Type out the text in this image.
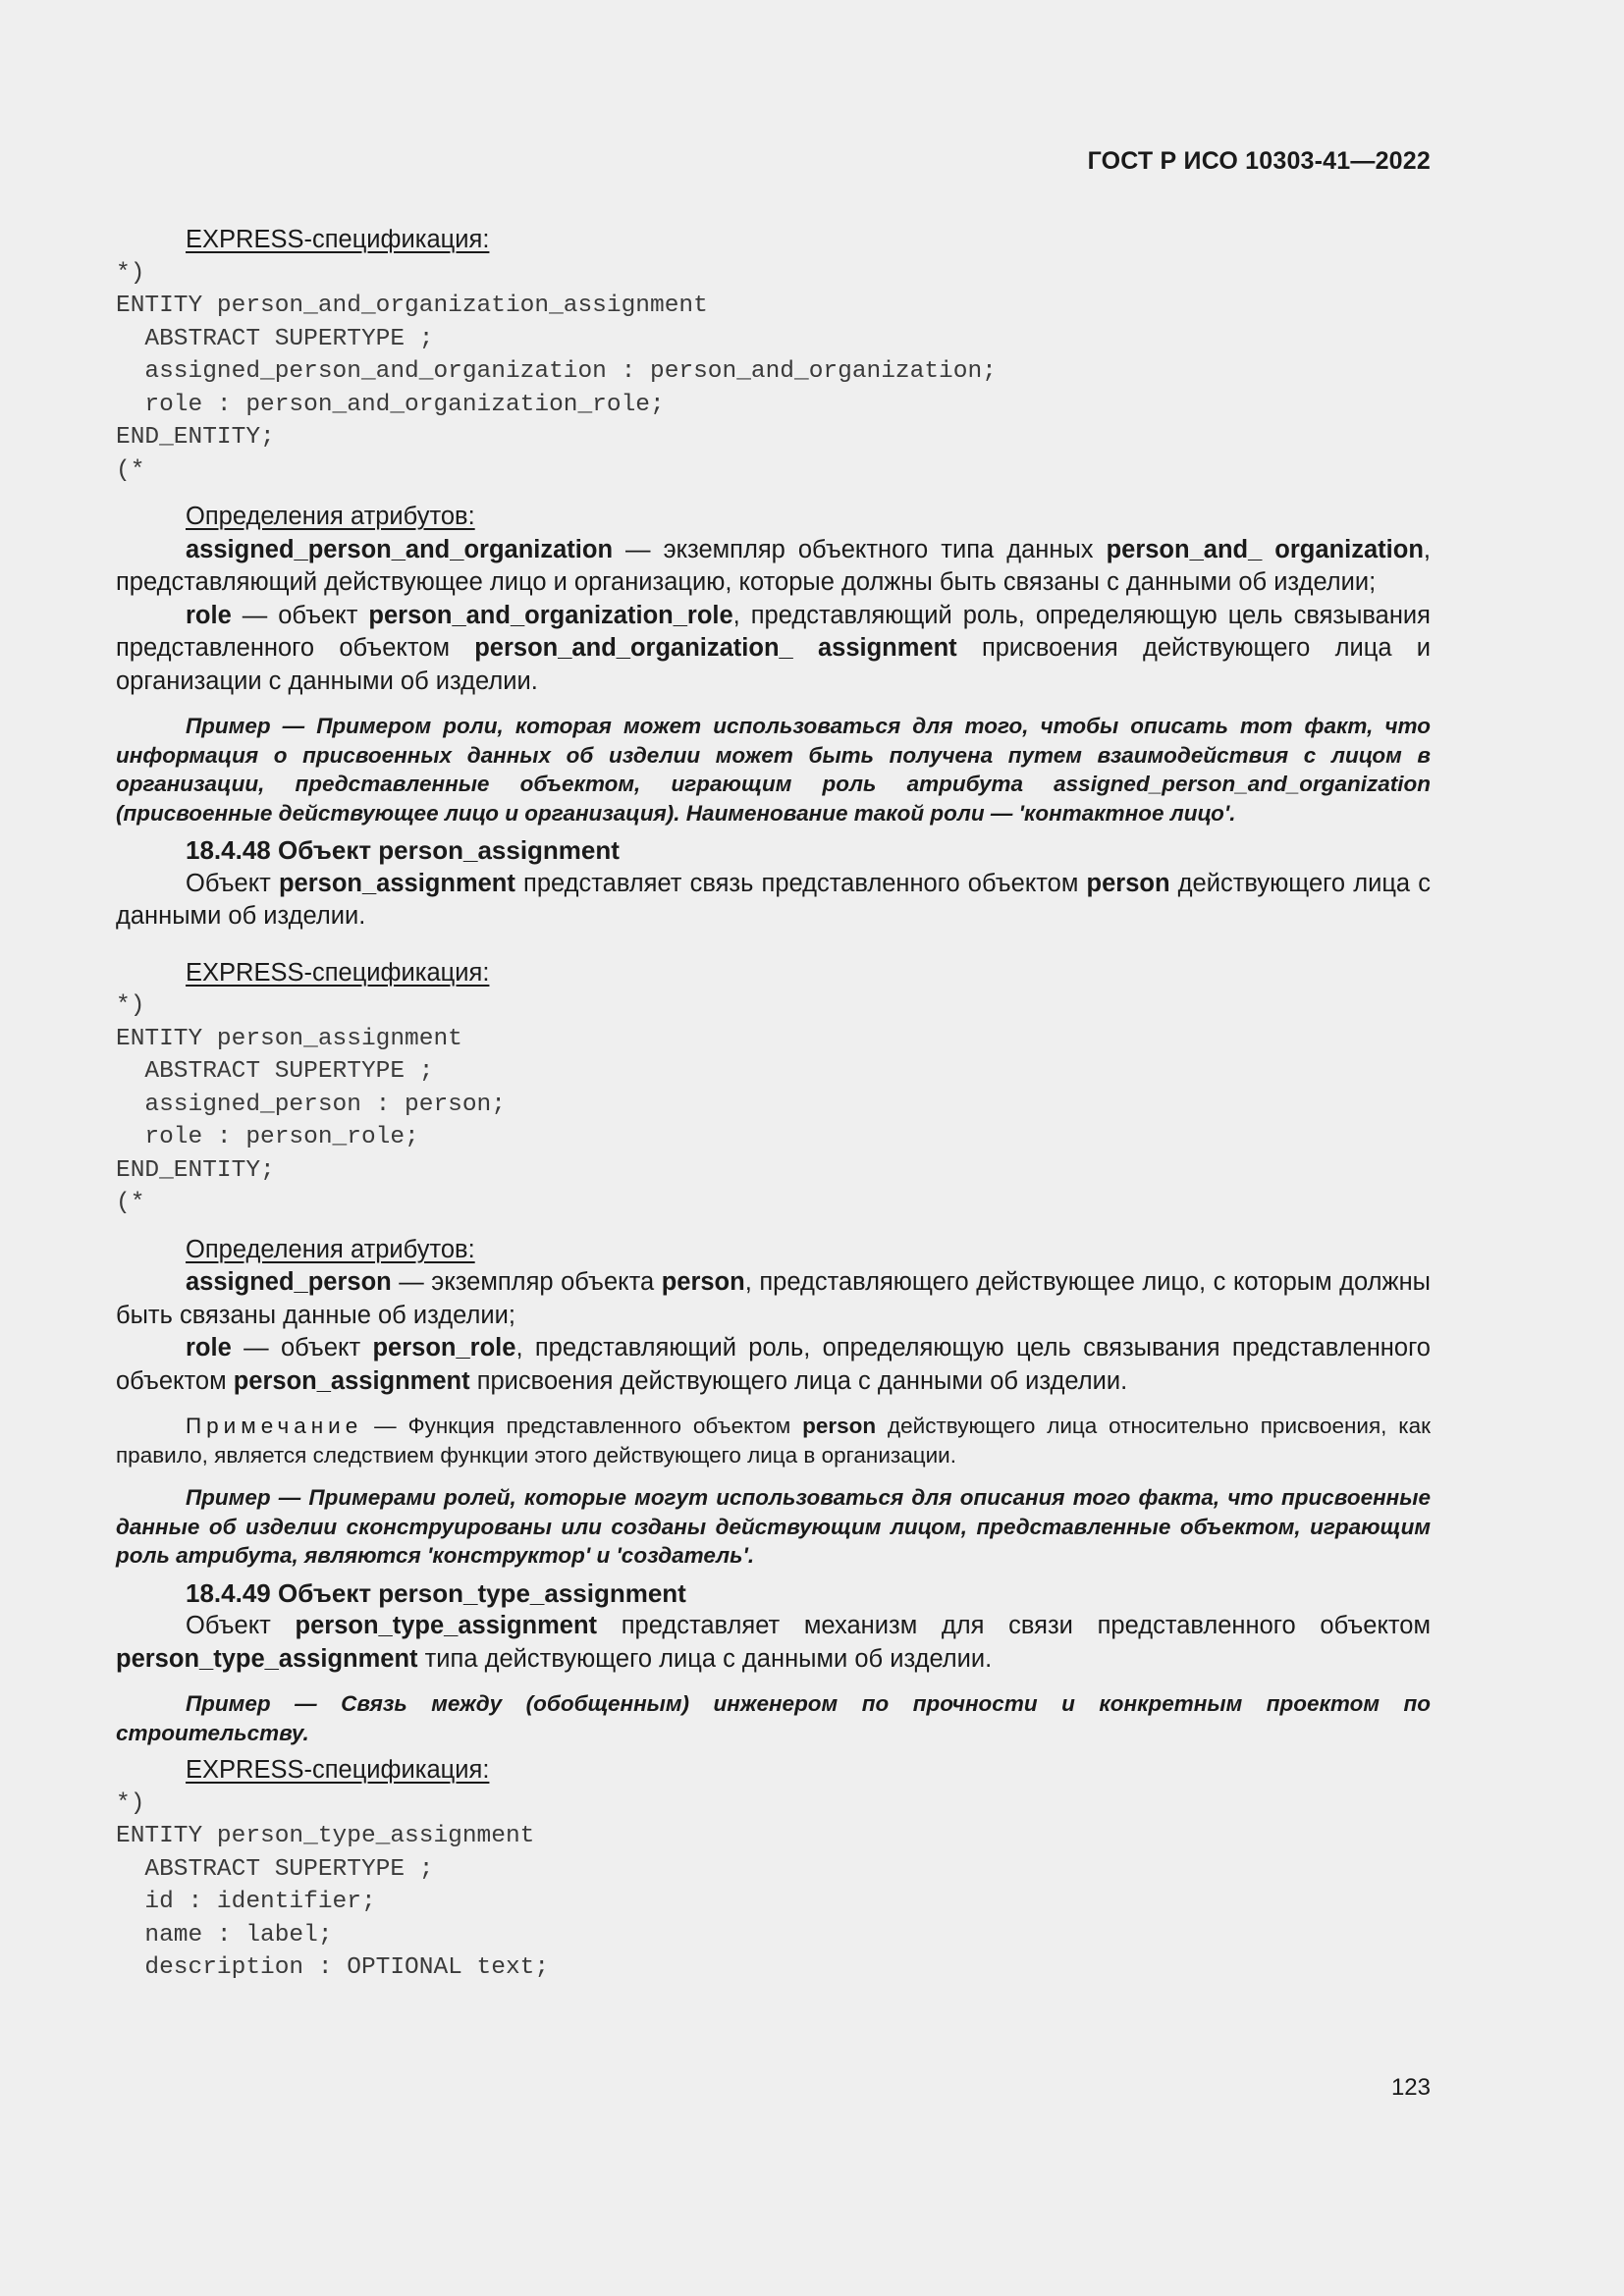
ГОСТ Р ИСО 10303-41—2022

EXPRESS-спецификация:

*)
ENTITY person_and_organization_assignment
ABSTRACT SUPERTYPE ;
assigned_person_and_organization : person_and_organization;
role : person_and_organization_role;
END_ENTITY;
(*

Определения атрибутов:

assigned_person_and_organization — экземпляр объектного типа данных person_and_ organization, представляющий действующее лицо и организацию, которые должны быть связаны с данными об изделии;

role — объект person_and_organization_role, представляющий роль, определяющую цель связывания представленного объектом person_and_organization_ assignment присвоения действующего лица и организации с данными об изделии.

Пример — Примером роли, которая может использоваться для того, чтобы описать тот факт, что информация о присвоенных данных об изделии может быть получена путем взаимодействия с лицом в организации, представленные объектом, играющим роль атрибута assigned_person_and_organization (присвоенные действующее лицо и организация). Наименование такой роли — 'контактное лицо'.

18.4.48 Объект person_assignment

Объект person_assignment представляет связь представленного объектом person действующего лица с данными об изделии.

EXPRESS-спецификация:

*)
ENTITY person_assignment
ABSTRACT SUPERTYPE ;
assigned_person : person;
role : person_role;
END_ENTITY;
(*

Определения атрибутов:

assigned_person — экземпляр объекта person, представляющего действующее лицо, с которым должны быть связаны данные об изделии;

role — объект person_role, представляющий роль, определяющую цель связывания представленного объектом person_assignment присвоения действующего лица с данными об изделии.

Примечание — Функция представленного объектом person действующего лица относительно присвоения, как правило, является следствием функции этого действующего лица в организации.

Пример — Примерами ролей, которые могут использоваться для описания того факта, что присвоенные данные об изделии сконструированы или созданы действующим лицом, представленные объектом, играющим роль атрибута, являются 'конструктор' и 'создатель'.

18.4.49 Объект person_type_assignment

Объект person_type_assignment представляет механизм для связи представленного объектом person_type_assignment типа действующего лица с данными об изделии.

Пример — Связь между (обобщенным) инженером по прочности и конкретным проектом по строительству.

EXPRESS-спецификация:

*)
ENTITY person_type_assignment
ABSTRACT SUPERTYPE ;
id : identifier;
name : label;
description : OPTIONAL text;
123
